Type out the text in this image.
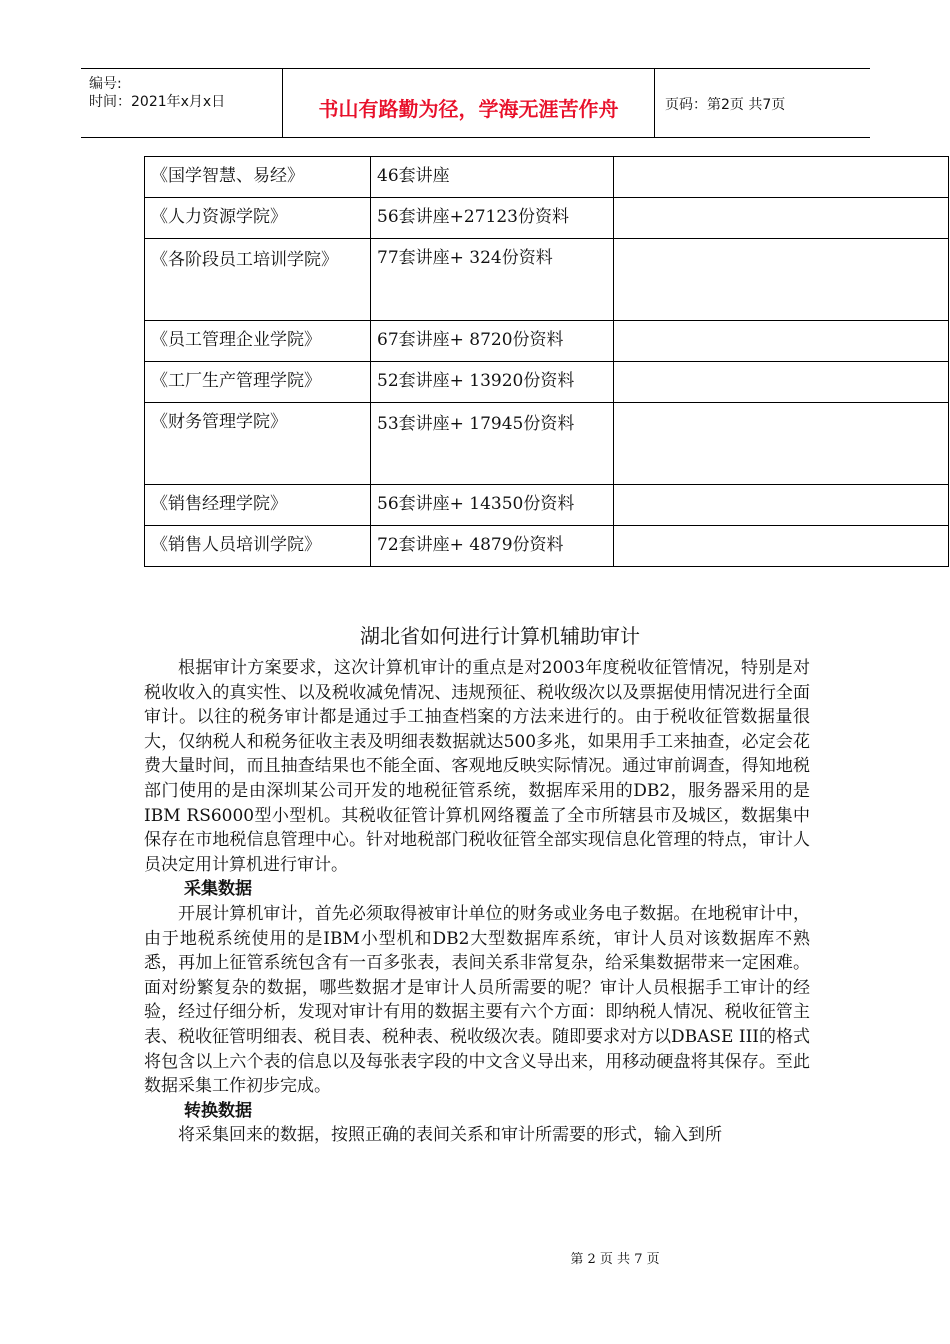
编号:
时间：2021年x月x日	书山有路勤为径，学海无涯苦作舟	页码：第2页 共7页
《国学智慧、易经》	46套讲座	
《人力资源学院》	56套讲座+27123份资料	

《各阶段员工培训学院》	77套讲座+ 324份资料	
《员工管理企业学院》	67套讲座+ 8720份资料	
《工厂生产管理学院》	52套讲座+ 13920份资料	
《财务管理学院》	53套讲座+ 17945份资料	

《销售经理学院》	56套讲座+ 14350份资料	
《销售人员培训学院》	72套讲座+ 4879份资料	
湖北省如何进行计算机辅助审计

根据审计方案要求，这次计算机审计的重点是对2003年度税收征管情况，特别是对税收收入的真实性、以及税收减免情况、违规预征、税收级次以及票据使用情况进行全面审计。以往的税务审计都是通过手工抽查档案的方法来进行的。由于税收征管数据量很大，仅纳税人和税务征收主表及明细表数据就达500多兆，如果用手工来抽查，必定会花费大量时间，而且抽查结果也不能全面、客观地反映实际情况。通过审前调查，得知地税部门使用的是由深圳某公司开发的地税征管系统，数据库采用的DB2，服务器采用的是IBM RS6000型小型机。其税收征管计算机网络覆盖了全市所辖县市及城区，数据集中保存在市地税信息管理中心。针对地税部门税收征管全部实现信息化管理的特点，审计人员决定用计算机进行审计。

采集数据

开展计算机审计，首先必须取得被审计单位的财务或业务电子数据。在地税审计中，由于地税系统使用的是IBM小型机和DB2大型数据库系统，审计人员对该数据库不熟悉，再加上征管系统包含有一百多张表，表间关系非常复杂，给采集数据带来一定困难。面对纷繁复杂的数据，哪些数据才是审计人员所需要的呢？审计人员根据手工审计的经验，经过仔细分析，发现对审计有用的数据主要有六个方面：即纳税人情况、税收征管主表、税收征管明细表、税目表、税种表、税收级次表。随即要求对方以DBASE III的格式将包含以上六个表的信息以及每张表字段的中文含义导出来，用移动硬盘将其保存。至此数据采集工作初步完成。

转换数据

将采集回来的数据，按照正确的表间关系和审计所需要的形式，输入到所

第 2 页 共 7 页
